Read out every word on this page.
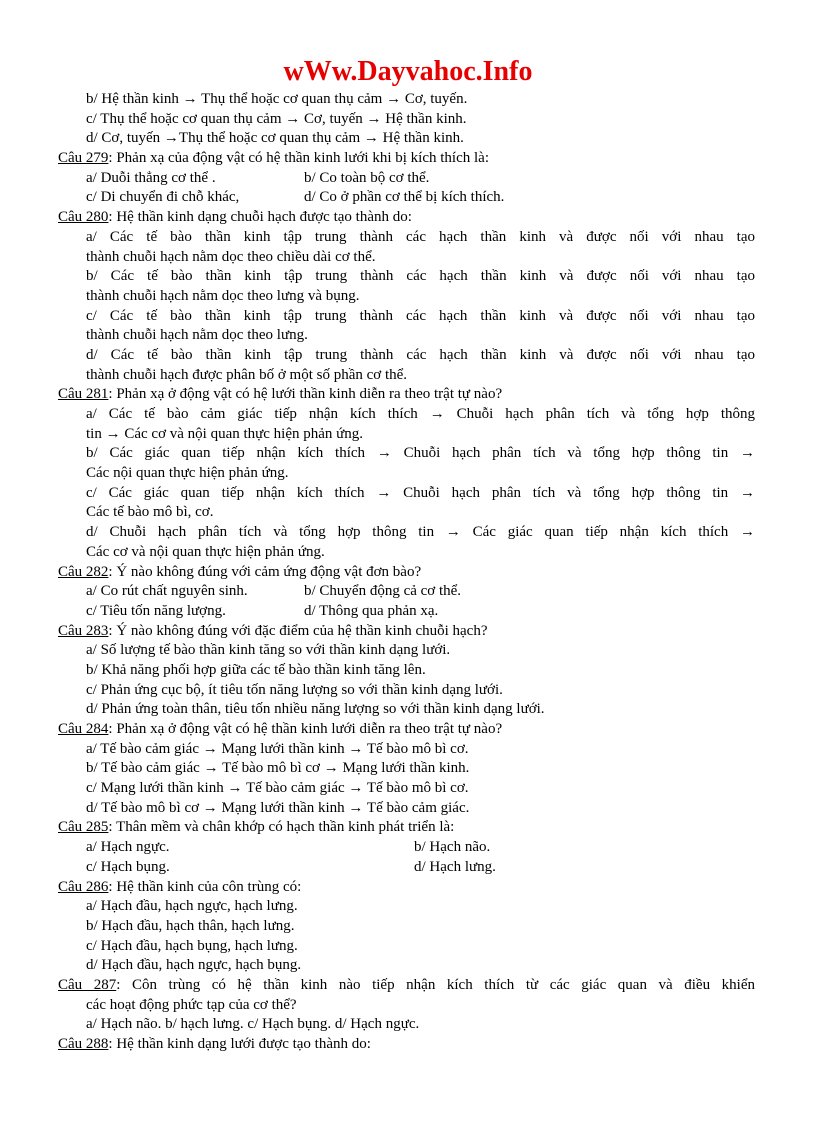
wWw.Dayvahoc.Info
b/ Hệ thần kinh → Thụ thể hoặc cơ quan thụ cảm → Cơ, tuyến.
c/ Thụ thể hoặc cơ quan thụ cảm → Cơ, tuyến → Hệ thần kinh.
d/ Cơ, tuyến →Thụ thể hoặc cơ quan thụ cảm → Hệ thần kinh.
Câu 279: Phản xạ của động vật có hệ thần kinh lưới khi bị kích thích là:
a/ Duỗi thẳng cơ thể .	b/ Co toàn bộ cơ thể.
c/ Di chuyển đi chỗ khác,	d/ Co ở phần cơ thể bị kích thích.
Câu 280: Hệ thần kinh dạng chuỗi hạch được tạo thành do:
a/ Các tế bào thần kinh tập trung thành các hạch thần kinh và được nối với nhau tạo
thành chuỗi hạch nằm dọc theo chiều dài cơ thể.
b/ Các tế bào thần kinh tập trung thành các hạch thần kinh và được nối với nhau tạo
thành chuỗi hạch nằm dọc theo lưng và bụng.
c/ Các tế bào thần kinh tập trung thành các hạch thần kinh và được nối với nhau tạo
thành chuỗi hạch nằm dọc theo lưng.
d/ Các tế bào thần kinh tập trung thành các hạch thần kinh và được nối với nhau tạo
thành chuỗi hạch được phân bố ở một số phần cơ thể.
Câu 281: Phản xạ ở động vật có hệ lưới thần kinh diễn ra theo trật tự nào?
a/ Các tế bào cảm giác tiếp nhận kích thích → Chuỗi hạch phân tích và tổng hợp thông
tin → Các cơ và nội quan thực hiện phản ứng.
b/ Các giác quan tiếp nhận kích thích → Chuỗi hạch phân tích và tổng hợp thông tin →
Các nội quan thực hiện phản ứng.
c/ Các giác quan tiếp nhận kích thích → Chuỗi hạch phân tích và tổng hợp thông tin →
Các tế bào mô bì, cơ.
d/ Chuỗi hạch phân tích và tổng hợp thông tin → Các giác quan tiếp nhận kích thích →
Các cơ và nội quan thực hiện phản ứng.
Câu 282: Ý nào không đúng với cảm ứng động vật đơn bào?
a/ Co rút chất nguyên sinh.	b/ Chuyển động cả cơ thể.
c/ Tiêu tốn năng lượng.	d/ Thông qua phản xạ.
Câu 283: Ý nào không đúng với đặc điểm của hệ thần kinh chuỗi hạch?
a/ Số lượng tế bào thần kinh tăng so với thần kinh dạng lưới.
b/ Khả năng phối hợp giữa các tế bào thần kinh tăng lên.
c/ Phản ứng cục bộ, ít tiêu tốn năng lượng so với thần kinh dạng lưới.
d/ Phản ứng toàn thân, tiêu tốn nhiều năng lượng so với thần kinh dạng lưới.
Câu 284: Phản xạ ở động vật có hệ thần kinh lưới diễn ra theo trật tự nào?
a/ Tế bào cảm giác → Mạng lưới thần kinh → Tế bào mô bì cơ.
b/ Tế bào cảm giác → Tế bào mô bì cơ → Mạng lưới thần kinh.
c/ Mạng lưới thần kinh → Tế bào cảm giác → Tế bào mô bì cơ.
d/ Tế bào mô bì cơ → Mạng lưới thần kinh → Tế bào cảm giác.
Câu 285: Thân mềm và chân khớp có hạch thần kinh phát triển là:
a/ Hạch ngực.	b/ Hạch não.
c/ Hạch bụng.	d/ Hạch lưng.
Câu 286: Hệ thần kinh của côn trùng có:
a/ Hạch đầu, hạch ngực, hạch lưng.
b/ Hạch đầu, hạch thân, hạch lưng.
c/ Hạch đầu, hạch bụng, hạch lưng.
d/ Hạch đầu, hạch ngực, hạch bụng.
Câu 287: Côn trùng có hệ thần kinh nào tiếp nhận kích thích từ các giác quan và điều khiển
các hoạt động phức tạp của cơ thể?
a/ Hạch não. b/ hạch lưng. c/ Hạch bụng. d/ Hạch ngực.
Câu 288: Hệ thần kinh dạng lưới được tạo thành do:
